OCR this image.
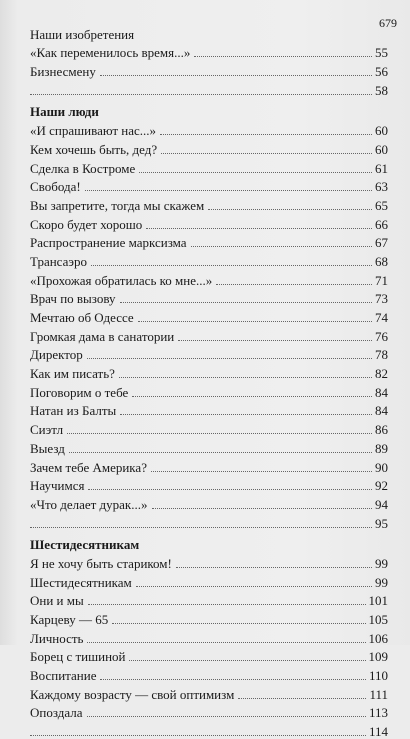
679
Наши изобретения
«Как переменилось время...»	55
Бизнесмену	56
58
Наши люди
«И спрашивают нас...»	60
Кем хочешь быть, дед?	60
Сделка в Костроме	61
Свобода!	63
Вы запретите, тогда мы скажем	65
Скоро будет хорошо	66
Распространение марксизма	67
Трансаэро	68
«Прохожая обратилась ко мне...»	71
Врач по вызову	73
Мечтаю об Одессе	74
Громкая дама в санатории	76
Директор	78
Как им писать?	82
Поговорим о тебе	84
Натан из Балты	84
Сиэтл	86
Выезд	89
Зачем тебе Америка?	90
Научимся	92
«Что делает дурак...»	94
95
Шестидесятникам
Я не хочу быть стариком!	99
Шестидесятникам	99
Они и мы	101
Карцеву — 65	105
Личность	106
Борец с тишиной	109
Воспитание	110
Каждому возрасту — свой оптимизм	111
Опоздала	113
114
